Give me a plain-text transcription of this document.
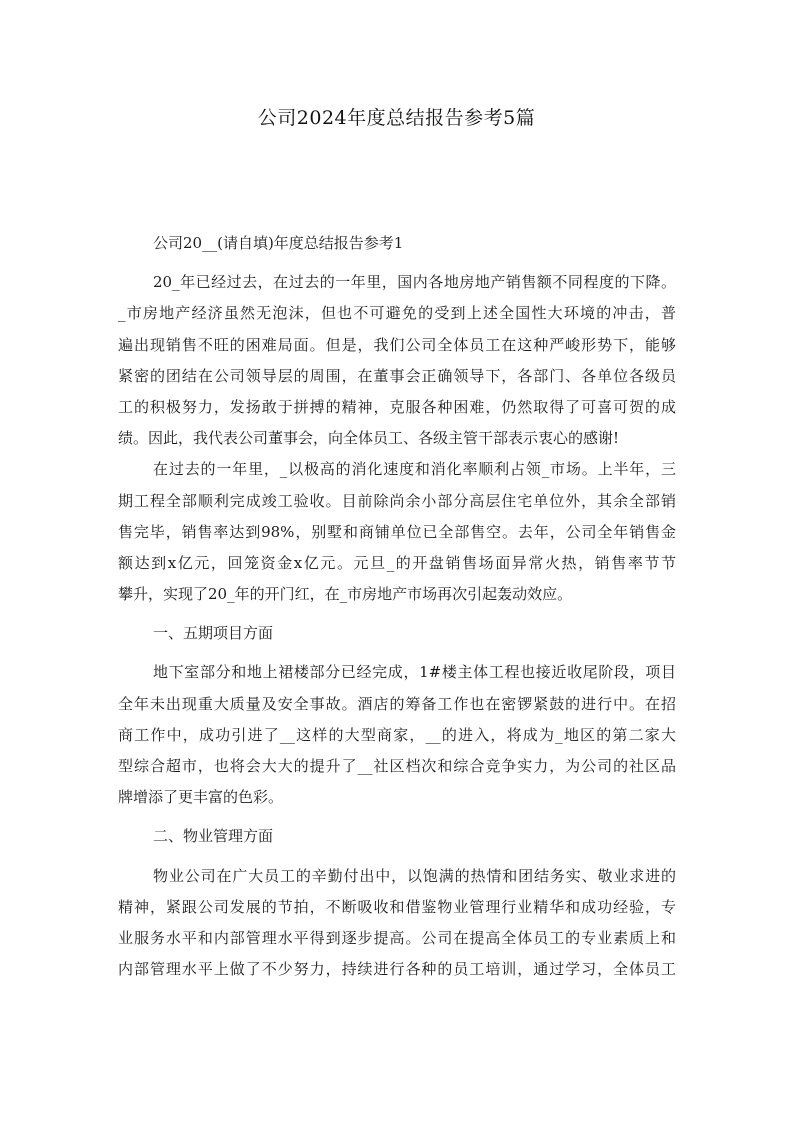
公司2024年度总结报告参考5篇
公司20__(请自填)年度总结报告参考1
20_年已经过去，在过去的一年里，国内各地房地产销售额不同程度的下降。
_市房地产经济虽然无泡沫，但也不可避免的受到上述全国性大环境的冲击，普
遍出现销售不旺的困难局面。但是，我们公司全体员工在这种严峻形势下，能够
紧密的团结在公司领导层的周围，在董事会正确领导下，各部门、各单位各级员
工的积极努力，发扬敢于拼搏的精神，克服各种困难，仍然取得了可喜可贺的成
绩。因此，我代表公司董事会，向全体员工、各级主管干部表示衷心的感谢!
在过去的一年里，_以极高的消化速度和消化率顺利占领_市场。上半年，三
期工程全部顺利完成竣工验收。目前除尚余小部分高层住宅单位外，其余全部销
售完毕，销售率达到98%，别墅和商铺单位已全部售空。去年，公司全年销售金
额达到x亿元，回笼资金x亿元。元旦_的开盘销售场面异常火热，销售率节节
攀升，实现了20_年的开门红，在_市房地产市场再次引起轰动效应。
一、五期项目方面
地下室部分和地上裙楼部分已经完成，1#楼主体工程也接近收尾阶段，项目
全年未出现重大质量及安全事故。酒店的筹备工作也在密锣紧鼓的进行中。在招
商工作中，成功引进了__这样的大型商家，__的进入，将成为_地区的第二家大
型综合超市，也将会大大的提升了__社区档次和综合竞争实力，为公司的社区品
牌增添了更丰富的色彩。
二、物业管理方面
物业公司在广大员工的辛勤付出中，以饱满的热情和团结务实、敬业求进的
精神，紧跟公司发展的节拍，不断吸收和借鉴物业管理行业精华和成功经验，专
业服务水平和内部管理水平得到逐步提高。公司在提高全体员工的专业素质上和
内部管理水平上做了不少努力，持续进行各种的员工培训，通过学习，全体员工
